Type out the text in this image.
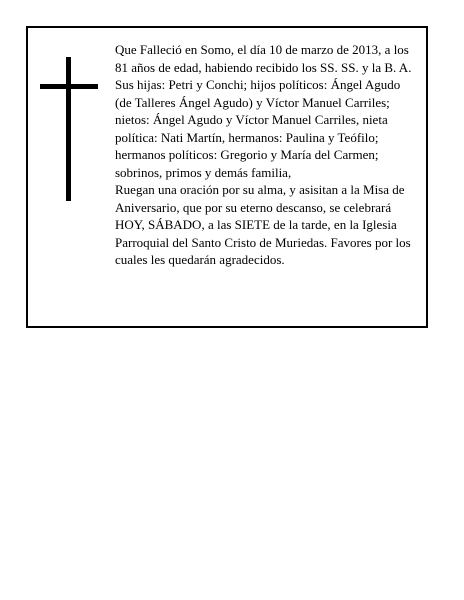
Que Falleció en Somo, el día 10 de marzo de 2013, a los 81 años de edad, habiendo recibido los SS. SS. y la B. A.

Sus hijas: Petri y Conchi; hijos políticos: Ángel Agudo (de Talleres Ángel Agudo) y Víctor Manuel Carriles; nietos: Ángel Agudo y Víctor Manuel Carriles, nieta política: Nati Martín, hermanos: Paulina y Teófilo; hermanos políticos: Gregorio y María del Carmen; sobrinos, primos y demás familia,

Ruegan una oración por su alma, y asisitan a la Misa de Aniversario, que por su eterno descanso, se celebrará HOY, SÁBADO, a las SIETE de la tarde, en la Iglesia Parroquial del Santo Cristo de Muriedas. Favores por los cuales les quedarán agradecidos.
